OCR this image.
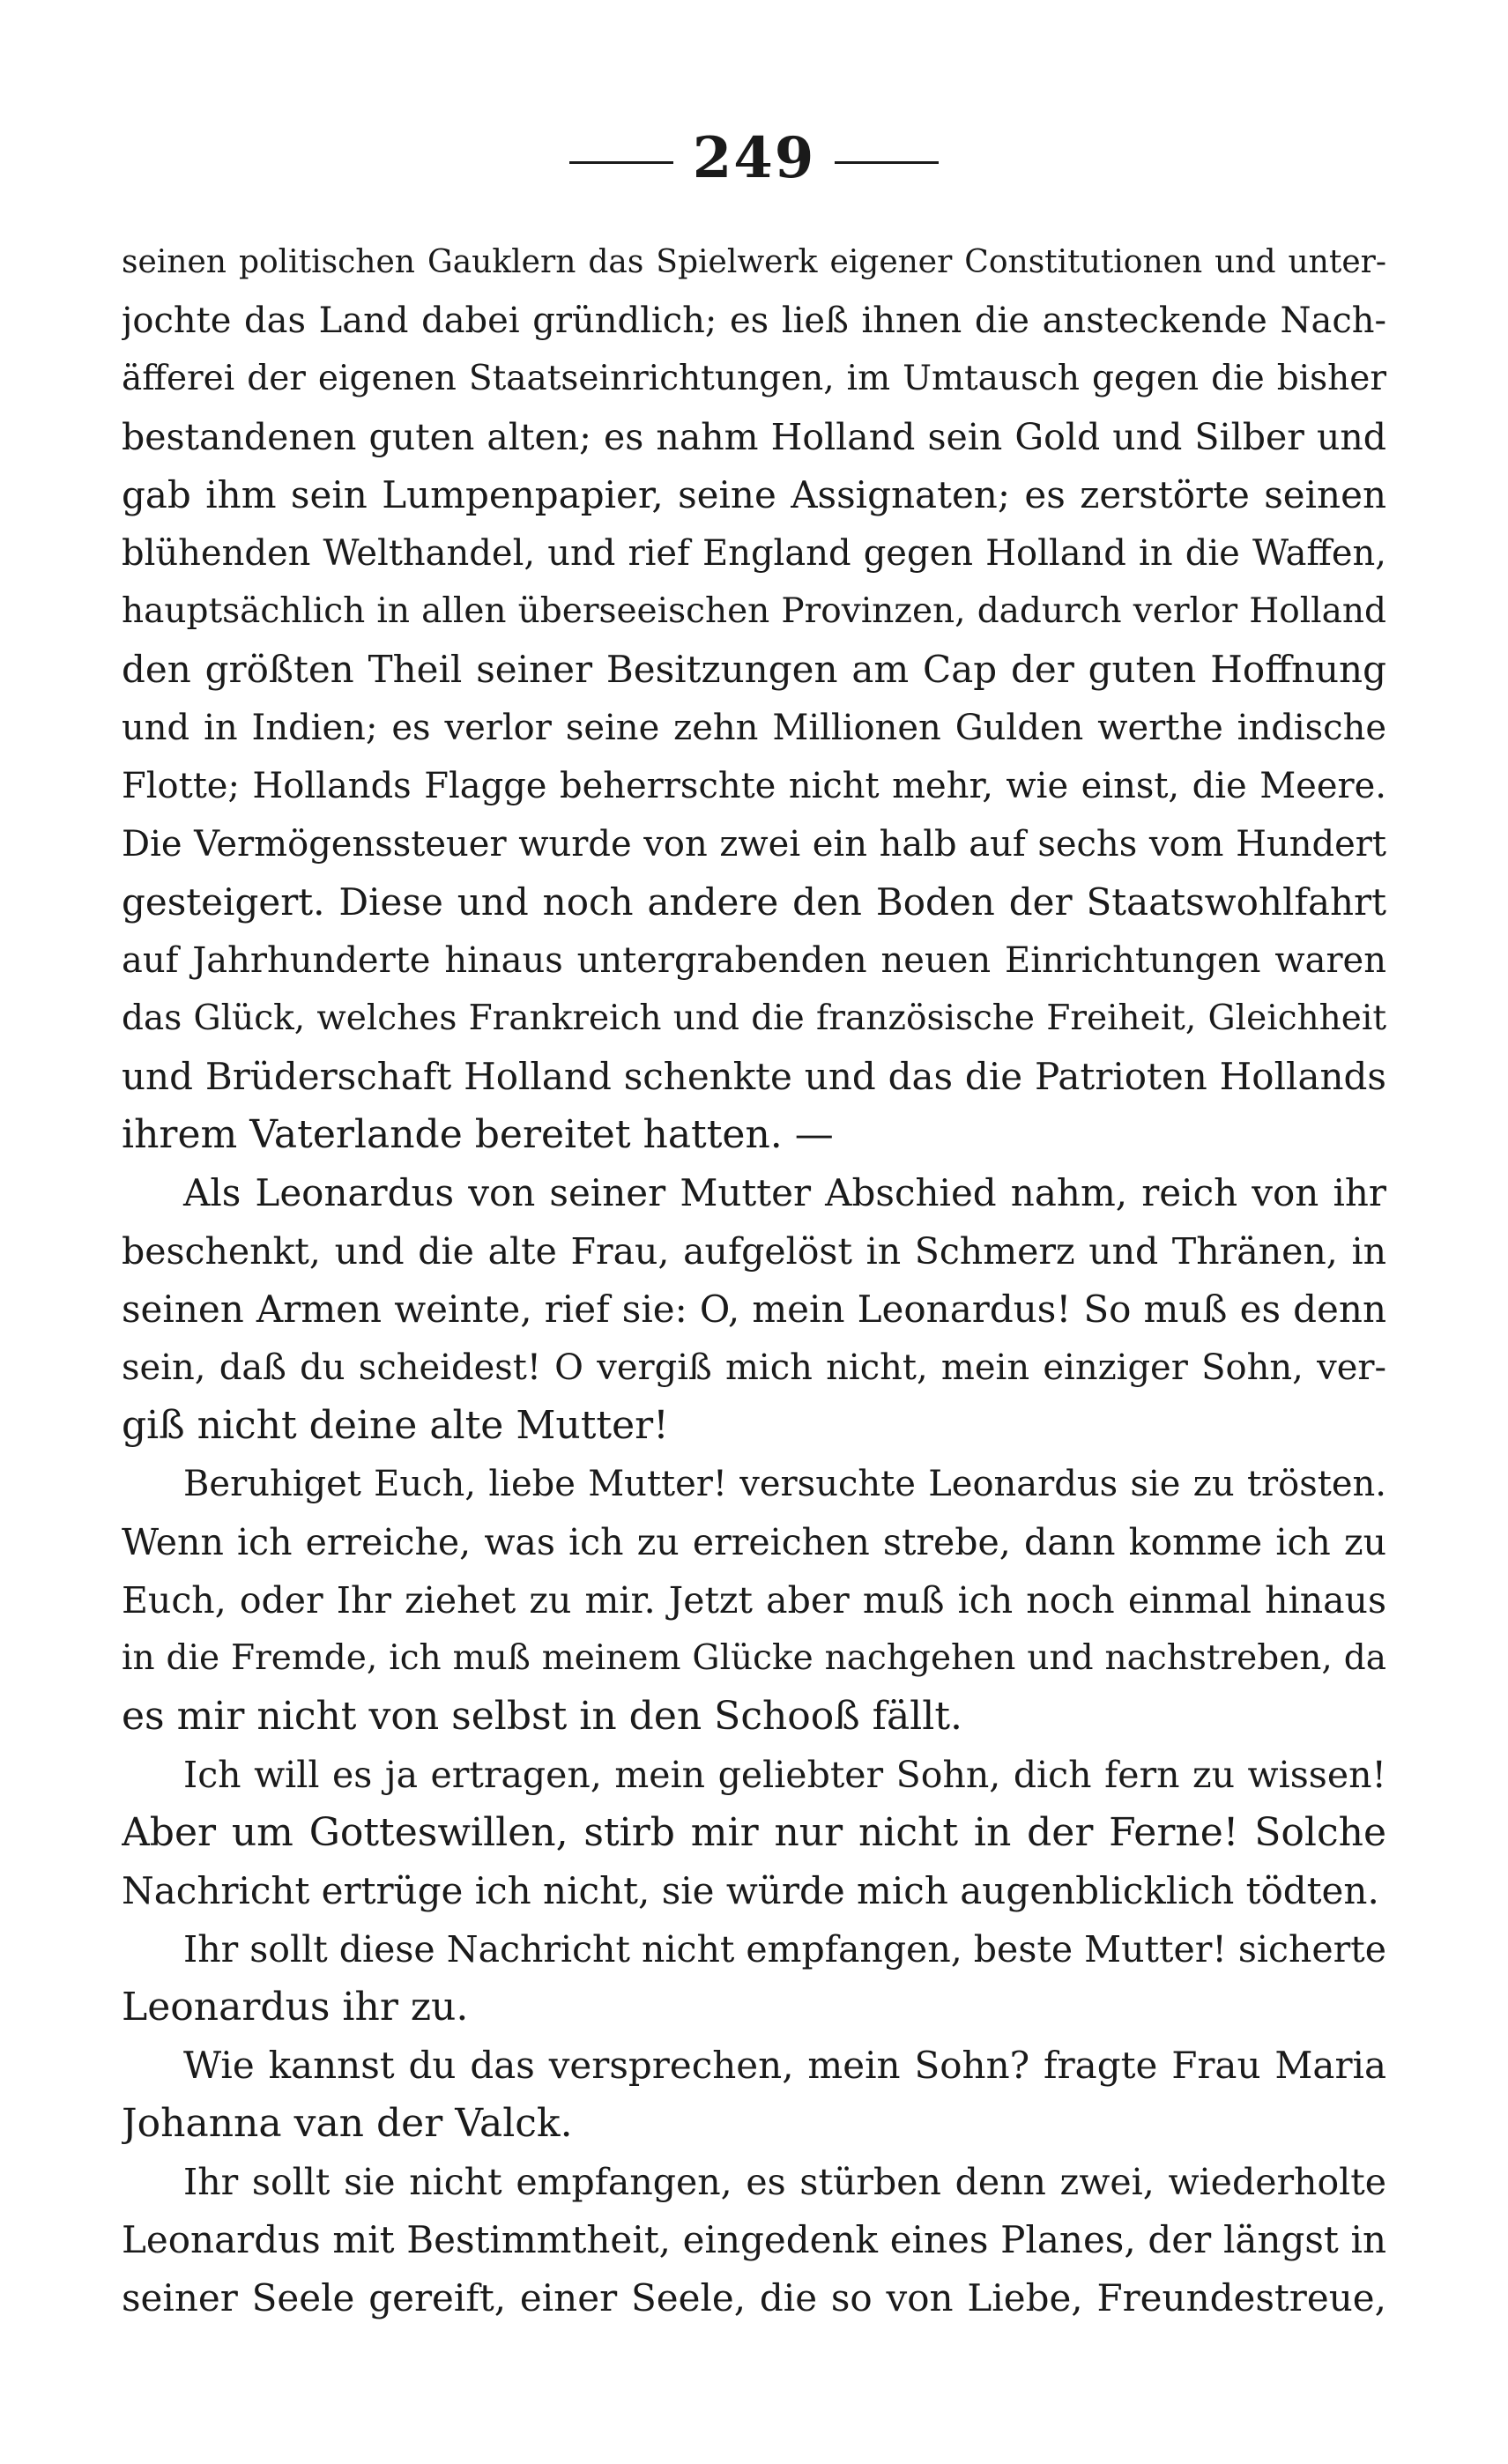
249
seinen politischen Gauklern das Spielwerk eigener Constitutionen und unter-
jochte das Land dabei gründlich; es ließ ihnen die ansteckende Nach-
äfferei der eigenen Staatseinrichtungen, im Umtausch gegen die bisher
bestandenen guten alten; es nahm Holland sein Gold und Silber und
gab ihm sein Lumpenpapier, seine Assignaten; es zerstörte seinen
blühenden Welthandel, und rief England gegen Holland in die Waffen,
hauptsächlich in allen überseeischen Provinzen, dadurch verlor Holland
den größten Theil seiner Besitzungen am Cap der guten Hoffnung
und in Indien; es verlor seine zehn Millionen Gulden werthe indische
Flotte; Hollands Flagge beherrschte nicht mehr, wie einst, die Meere.
Die Vermögenssteuer wurde von zwei ein halb auf sechs vom Hundert
gesteigert. Diese und noch andere den Boden der Staatswohlfahrt
auf Jahrhunderte hinaus untergrabenden neuen Einrichtungen waren
das Glück, welches Frankreich und die französische Freiheit, Gleichheit
und Brüderschaft Holland schenkte und das die Patrioten Hollands
ihrem Vaterlande bereitet hatten. —
Als Leonardus von seiner Mutter Abschied nahm, reich von ihr
beschenkt, und die alte Frau, aufgelöst in Schmerz und Thränen, in
seinen Armen weinte, rief sie: O, mein Leonardus! So muß es denn
sein, daß du scheidest! O vergiß mich nicht, mein einziger Sohn, ver-
giß nicht deine alte Mutter!
Beruhiget Euch, liebe Mutter! versuchte Leonardus sie zu trösten.
Wenn ich erreiche, was ich zu erreichen strebe, dann komme ich zu
Euch, oder Ihr ziehet zu mir. Jetzt aber muß ich noch einmal hinaus
in die Fremde, ich muß meinem Glücke nachgehen und nachstreben, da
es mir nicht von selbst in den Schooß fällt.
Ich will es ja ertragen, mein geliebter Sohn, dich fern zu wissen!
Aber um Gotteswillen, stirb mir nur nicht in der Ferne! Solche
Nachricht ertrüge ich nicht, sie würde mich augenblicklich tödten.
Ihr sollt diese Nachricht nicht empfangen, beste Mutter! sicherte
Leonardus ihr zu.
Wie kannst du das versprechen, mein Sohn? fragte Frau Maria
Johanna van der Valck.
Ihr sollt sie nicht empfangen, es stürben denn zwei, wiederholte
Leonardus mit Bestimmtheit, eingedenk eines Planes, der längst in
seiner Seele gereift, einer Seele, die so von Liebe, Freundestreue,
